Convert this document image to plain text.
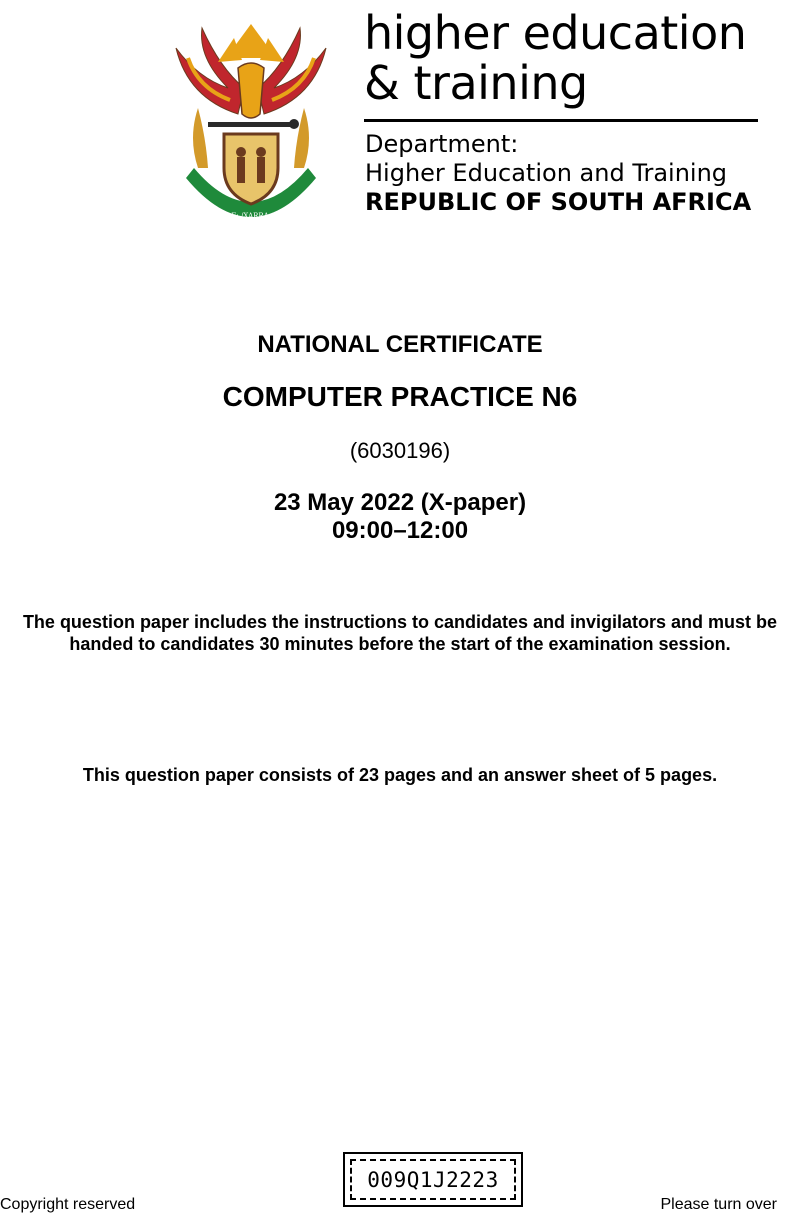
!KE E: /XARRA //KE
higher education
& training
Department:
Higher Education and Training
REPUBLIC OF SOUTH AFRICA
NATIONAL CERTIFICATE
COMPUTER PRACTICE N6
(6030196)
23 May 2022 (X-paper)
09:00–12:00
The question paper includes the instructions to candidates and invigilators and must be
handed to candidates 30 minutes before the start of the examination session.
This question paper consists of 23 pages and an answer sheet of 5 pages.
009Q1J2223
Copyright reserved	Please turn over
